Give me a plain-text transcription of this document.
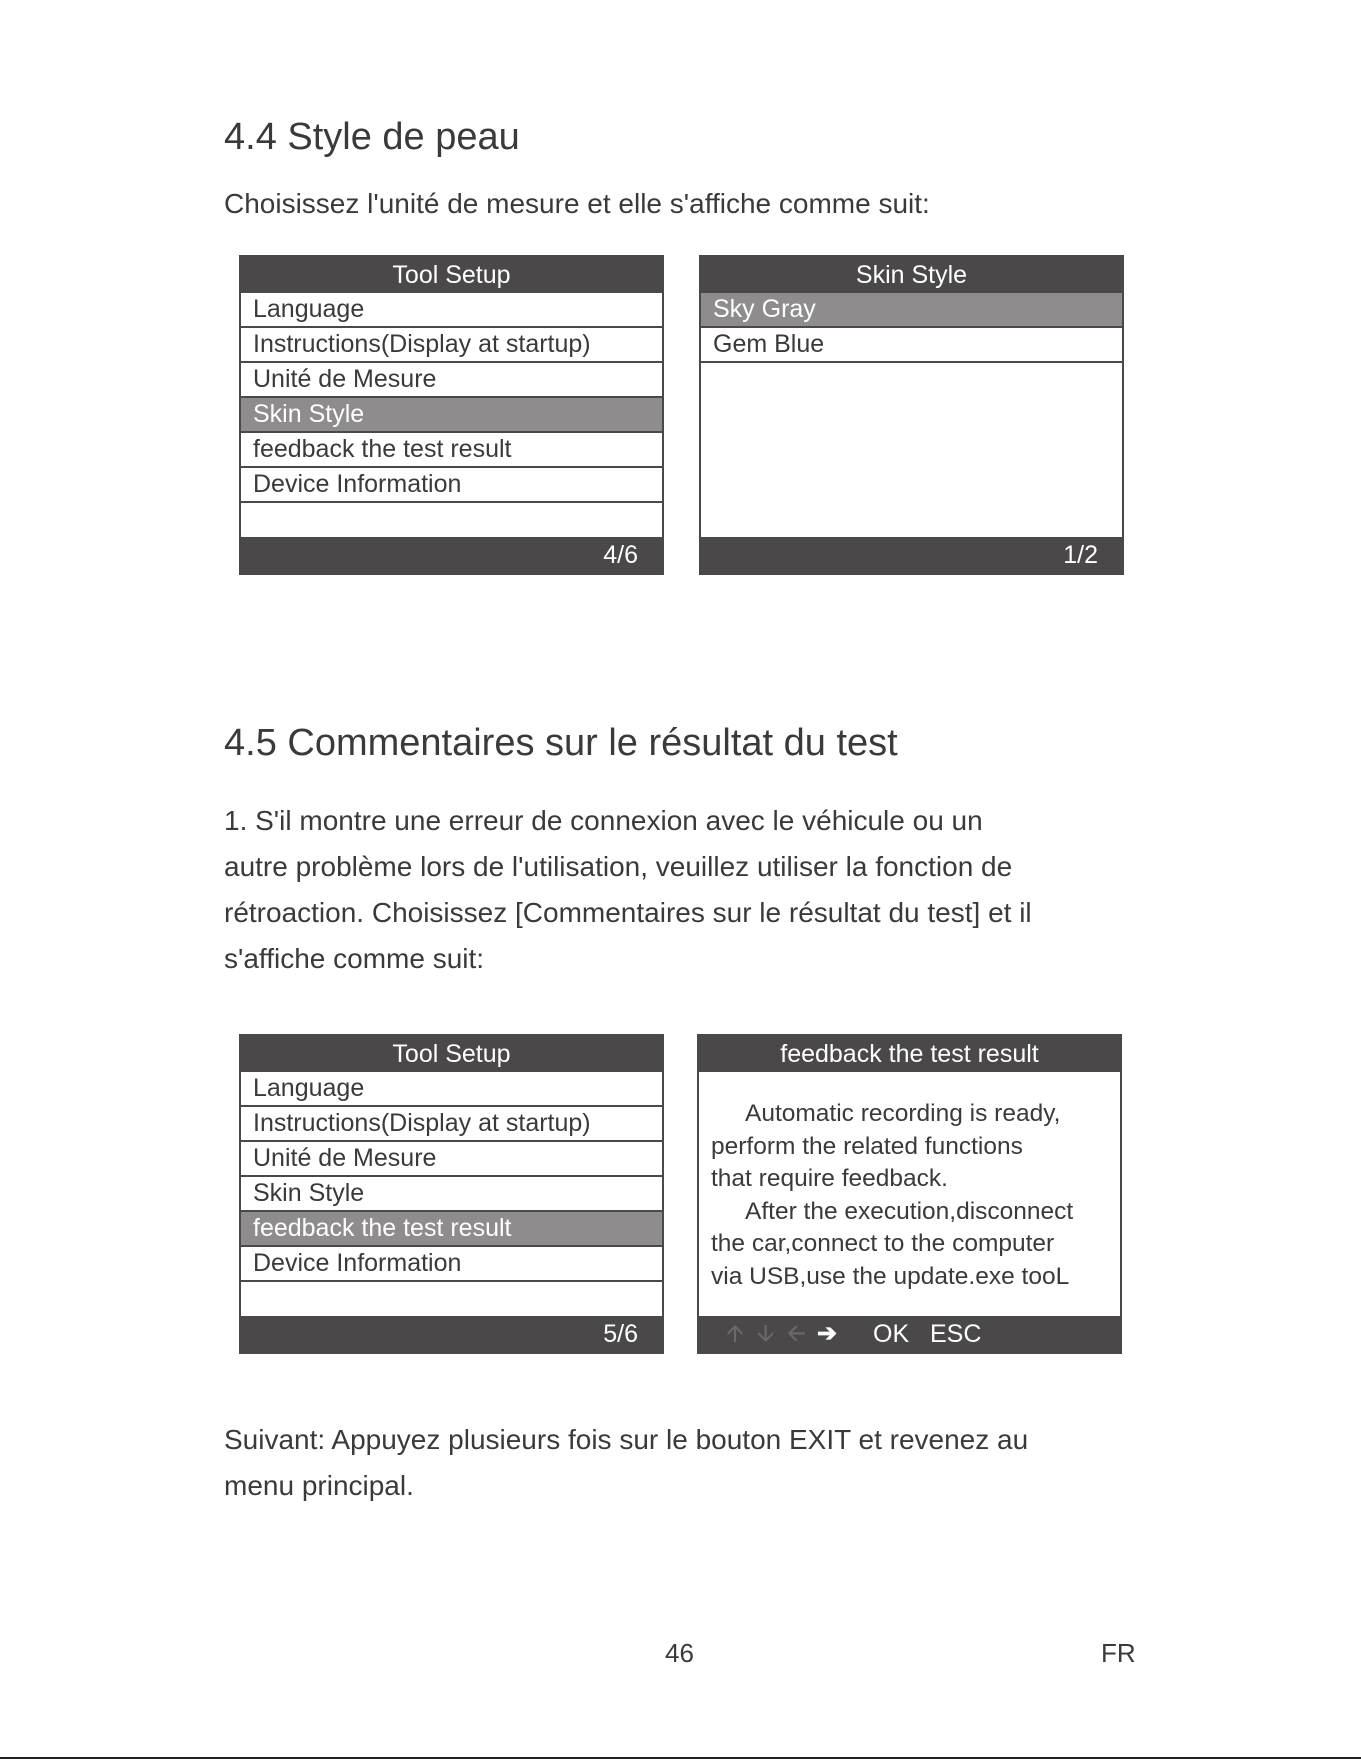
4.4 Style de peau

Choisissez l'unité de mesure et elle s'affiche comme suit:

Tool Setup
Language
Instructions(Display at startup)
Unité de Mesure
Skin Style
feedback the test result
Device Information
4/6
Skin Style
Sky Gray
Gem Blue
1/2
4.5 Commentaires sur le résultat du test
1. S'il montre une erreur de connexion avec le véhicule ou un
autre problème lors de l'utilisation, veuillez utiliser la fonction de
rétroaction. Choisissez [Commentaires sur le résultat du test] et il
s'affiche comme suit:
Tool Setup
Language
Instructions(Display at startup)
Unité de Mesure
Skin Style
feedback the test result
Device Information
5/6
feedback the test result
Automatic recording is ready,
perform the related functions
that require feedback.
After the execution,disconnect
the car,connect to the computer
via USB,use the update.exe tooL
🡩 🡫 🡨 ➔ OK ESC
Suivant: Appuyez plusieurs fois sur le bouton EXIT et revenez au
menu principal.
46	FR
